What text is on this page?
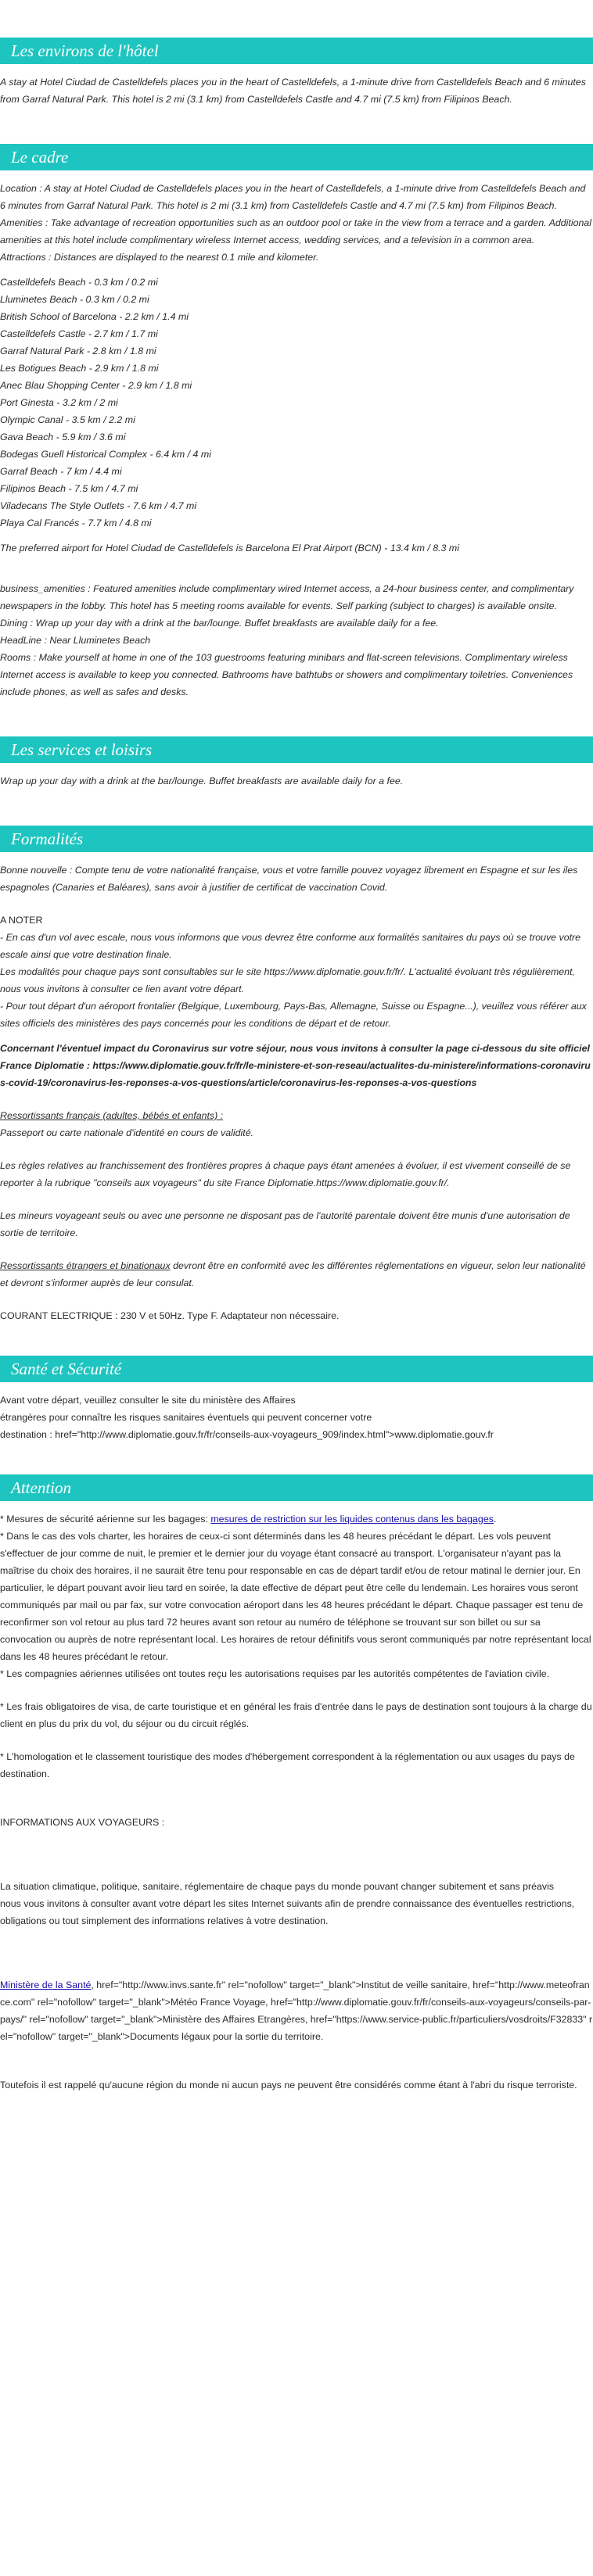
Les environs de l'hôtel

A stay at Hotel Ciudad de Castelldefels places you in the heart of Castelldefels, a 1-minute drive from Castelldefels Beach and 6 minutes from Garraf Natural Park. This hotel is 2 mi (3.1 km) from Castelldefels Castle and 4.7 mi (7.5 km) from Filipinos Beach.

Le cadre

Location : A stay at Hotel Ciudad de Castelldefels places you in the heart of Castelldefels, a 1-minute drive from Castelldefels Beach and 6 minutes from Garraf Natural Park. This hotel is 2 mi (3.1 km) from Castelldefels Castle and 4.7 mi (7.5 km) from Filipinos Beach.

Amenities : Take advantage of recreation opportunities such as an outdoor pool or take in the view from a terrace and a garden. Additional amenities at this hotel include complimentary wireless Internet access, wedding services, and a television in a common area.

Attractions : Distances are displayed to the nearest 0.1 mile and kilometer.

Castelldefels Beach - 0.3 km / 0.2 mi
Lluminetes Beach - 0.3 km / 0.2 mi
British School of Barcelona - 2.2 km / 1.4 mi
Castelldefels Castle - 2.7 km / 1.7 mi
Garraf Natural Park - 2.8 km / 1.8 mi
Les Botigues Beach - 2.9 km / 1.8 mi
Anec Blau Shopping Center - 2.9 km / 1.8 mi
Port Ginesta - 3.2 km / 2 mi
Olympic Canal - 3.5 km / 2.2 mi
Gava Beach - 5.9 km / 3.6 mi
Bodegas Guell Historical Complex - 6.4 km / 4 mi
Garraf Beach - 7 km / 4.4 mi
Filipinos Beach - 7.5 km / 4.7 mi
Viladecans The Style Outlets - 7.6 km / 4.7 mi
Playa Cal Francés - 7.7 km / 4.8 mi

The preferred airport for Hotel Ciudad de Castelldefels is Barcelona El Prat Airport (BCN) - 13.4 km / 8.3 mi

business_amenities : Featured amenities include complimentary wired Internet access, a 24-hour business center, and complimentary newspapers in the lobby. This hotel has 5 meeting rooms available for events. Self parking (subject to charges) is available onsite.

Dining : Wrap up your day with a drink at the bar/lounge. Buffet breakfasts are available daily for a fee.

HeadLine : Near Lluminetes Beach

Rooms : Make yourself at home in one of the 103 guestrooms featuring minibars and flat-screen televisions. Complimentary wireless Internet access is available to keep you connected. Bathrooms have bathtubs or showers and complimentary toiletries. Conveniences include phones, as well as safes and desks.

Les services et loisirs

Wrap up your day with a drink at the bar/lounge. Buffet breakfasts are available daily for a fee.

Formalités

Bonne nouvelle : Compte tenu de votre nationalité française, vous et votre famille pouvez voyagez librement en Espagne et sur les iles espagnoles (Canaries et Baléares), sans avoir à justifier de certificat de vaccination Covid.

A NOTER

- En cas d'un vol avec escale, nous vous informons que vous devrez être conforme aux formalités sanitaires du pays où se trouve votre escale ainsi que votre destination finale.

Les modalités pour chaque pays sont consultables sur le site https://www.diplomatie.gouv.fr/fr/. L'actualité évoluant très régulièrement, nous vous invitons à consulter ce lien avant votre départ.

- Pour tout départ d'un aéroport frontalier (Belgique, Luxembourg, Pays-Bas, Allemagne, Suisse ou Espagne...), veuillez vous référer aux sites officiels des ministères des pays concernés pour les conditions de départ et de retour.

Concernant l'éventuel impact du Coronavirus sur votre séjour, nous vous invitons à consulter la page ci-dessous du site officiel France Diplomatie : https://www.diplomatie.gouv.fr/fr/le-ministere-et-son-reseau/actualites-du-ministere/informations-coronavirus-covid-19/coronavirus-les-reponses-a-vos-questions/article/coronavirus-les-reponses-a-vos-questions

Ressortissants français (adultes, bébés et enfants) :

Passeport ou carte nationale d'identité en cours de validité.

Les règles relatives au franchissement des frontières propres à chaque pays étant amenées à évoluer, il est vivement conseillé de se reporter à la rubrique "conseils aux voyageurs" du site France Diplomatie.https://www.diplomatie.gouv.fr/.

Les mineurs voyageant seuls ou avec une personne ne disposant pas de l'autorité parentale doivent être munis d'une autorisation de sortie de territoire.

Ressortissants étrangers et binationaux devront être en conformité avec les différentes réglementations en vigueur, selon leur nationalité et devront s'informer auprès de leur consulat.

COURANT ELECTRIQUE : 230 V et 50Hz. Type F. Adaptateur non nécessaire.

Santé et Sécurité

Avant votre départ, veuillez consulter le site du ministère des Affaires

étrangères pour connaître les risques sanitaires éventuels qui peuvent concerner votre

destination : href="http://www.diplomatie.gouv.fr/fr/conseils-aux-voyageurs_909/index.html">www.diplomatie.gouv.fr

Attention

* Mesures de sécurité aérienne sur les bagages: mesures de restriction sur les liquides contenus dans les bagages.

* Dans le cas des vols charter, les horaires de ceux-ci sont déterminés dans les 48 heures précédant le départ. Les vols peuvent s'effectuer de jour comme de nuit, le premier et le dernier jour du voyage étant consacré au transport. L'organisateur n'ayant pas la maîtrise du choix des horaires, il ne saurait être tenu pour responsable en cas de départ tardif et/ou de retour matinal le dernier jour. En particulier, le départ pouvant avoir lieu tard en soirée, la date effective de départ peut être celle du lendemain. Les horaires vous seront communiqués par mail ou par fax, sur votre convocation aéroport dans les 48 heures précédant le départ. Chaque passager est tenu de reconfirmer son vol retour au plus tard 72 heures avant son retour au numéro de téléphone se trouvant sur son billet ou sur sa convocation ou auprès de notre représentant local. Les horaires de retour définitifs vous seront communiqués par notre représentant local dans les 48 heures précédant le retour.

* Les compagnies aériennes utilisées ont toutes reçu les autorisations requises par les autorités compétentes de l'aviation civile.

* Les frais obligatoires de visa, de carte touristique et en général les frais d'entrée dans le pays de destination sont toujours à la charge du client en plus du prix du vol, du séjour ou du circuit réglés.

* L'homologation et le classement touristique des modes d'hébergement correspondent à la réglementation ou aux usages du pays de destination.

INFORMATIONS AUX VOYAGEURS :

La situation climatique, politique, sanitaire, réglementaire de chaque pays du monde pouvant changer subitement et sans préavis

nous vous invitons à consulter avant votre départ les sites Internet suivants afin de prendre connaissance des éventuelles restrictions, obligations ou tout simplement des informations relatives à votre destination.

Ministère de la Santé, href="http://www.invs.sante.fr" rel="nofollow" target="_blank">Institut de veille sanitaire, href="http://www.meteofrance.com" rel="nofollow" target="_blank">Météo France Voyage, href="http://www.diplomatie.gouv.fr/fr/conseils-aux-voyageurs/conseils-par-pays/" rel="nofollow" target="_blank">Ministère des Affaires Etrangères, href="https://www.service-public.fr/particuliers/vosdroits/F32833" rel="nofollow" target="_blank">Documents légaux pour la sortie du territoire.

Toutefois il est rappelé qu'aucune région du monde ni aucun pays ne peuvent être considérés comme étant à l'abri du risque terroriste.
